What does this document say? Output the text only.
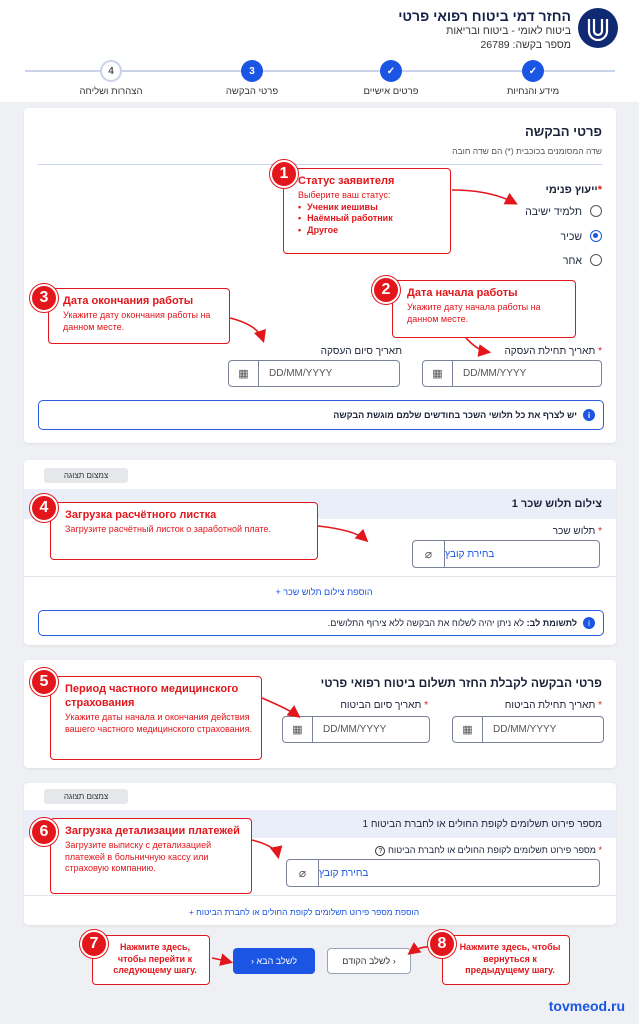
החזר דמי ביטוח רפואי פרטי
ביטוח לאומי - ביטוח ובריאות
מספר בקשה: 26789
✓
מידע והנחיות
✓
פרטים אישיים
3
פרטי הבקשה
4
הצהרות ושליחה
פרטי הבקשה
שדה המסומנים בכוכבית (*) הם שדה חובה
*ייעוץ פנימי
תלמיד ישיבה
שכיר
אחר
* תאריך תחילת העסקה
▦	DD/MM/YYYY
תאריך סיום העסקה
▦	DD/MM/YYYY
i
יש לצרף את כל תלושי השכר בחודשים שלמם מוגשת הבקשה
צמצום תצוגה
צילום תלוש שכר 1
* תלוש שכר
⌀	בחירת קובץ
הוספת צילום תלוש שכר +
i
לתשומת לב:

לא ניתן יהיה לשלוח את הבקשה ללא צירוף התלושים.
פרטי הבקשה לקבלת החזר תשלום ביטוח רפואי פרטי
* תאריך תחילת הביטוח
▦	DD/MM/YYYY
* תאריך סיום הביטוח
▦	DD/MM/YYYY
צמצום תצוגה
מספר פירוט תשלומים לקופת החולים או לחברת הביטוח 1
* מספר פירוט תשלומים לקופת החולים או לחברת הביטוח ?
⌀	בחירת קובץ
הוספת מספר פירוט תשלומים לקופת החולים או לחברת הביטוח +
לשלב הבא

‹	לשלב הקודם
›
Статус заявителя
Выберите ваш статус:
• Ученик иешивы
• Наёмный работник
• Другое
1
Дата начала работы
Укажите дату начала работы на данном месте.
2
Дата окончания работы
Укажите дату окончания работы на данном месте.
3
Загрузка расчётного листка
Загрузите расчётный листок о заработной плате.
4
Период частного медицинского страхования
Укажите даты начала и окончания действия вашего частного медицинского страхования.
5
Загрузка детализации платежей
Загрузите выписку с детализацией платежей в больничную кассу или страховую компанию.
6
Нажмите здесь, чтобы перейти к следующему шагу.
7	Нажмите здесь, чтобы вернуться к предыдущему шагу.
8
tovmeod.ru
